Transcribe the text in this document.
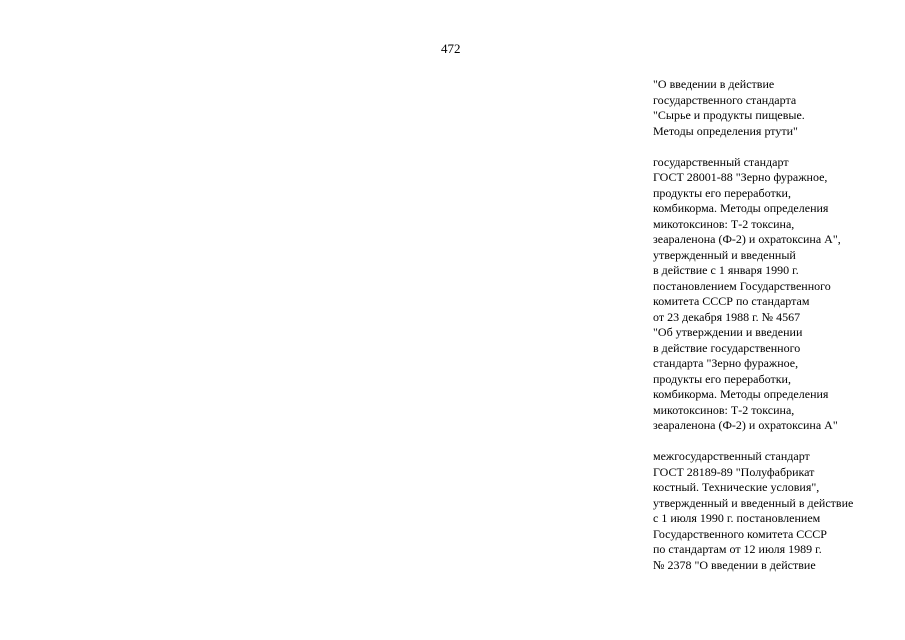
472

"О введении в действие
государственного стандарта
"Сырье и продукты пищевые.
Методы определения ртути"

государственный стандарт
ГОСТ 28001-88 "Зерно фуражное,
продукты его переработки,
комбикорма. Методы определения
микотоксинов: Т-2 токсина,
зеараленона (Ф-2) и охратоксина А",
утвержденный и введенный
в действие с 1 января 1990 г.
постановлением Государственного
комитета СССР по стандартам
от 23 декабря 1988 г. № 4567
"Об утверждении и введении
в действие государственного
стандарта "Зерно фуражное,
продукты его переработки,
комбикорма. Методы определения
микотоксинов: Т-2 токсина,
зеараленона (Ф-2) и охратоксина А"

межгосударственный стандарт
ГОСТ 28189-89 "Полуфабрикат
костный. Технические условия",
утвержденный и введенный в действие
с 1 июля 1990 г. постановлением
Государственного комитета СССР
по стандартам от 12 июля 1989 г.
№ 2378 "О введении в действие
